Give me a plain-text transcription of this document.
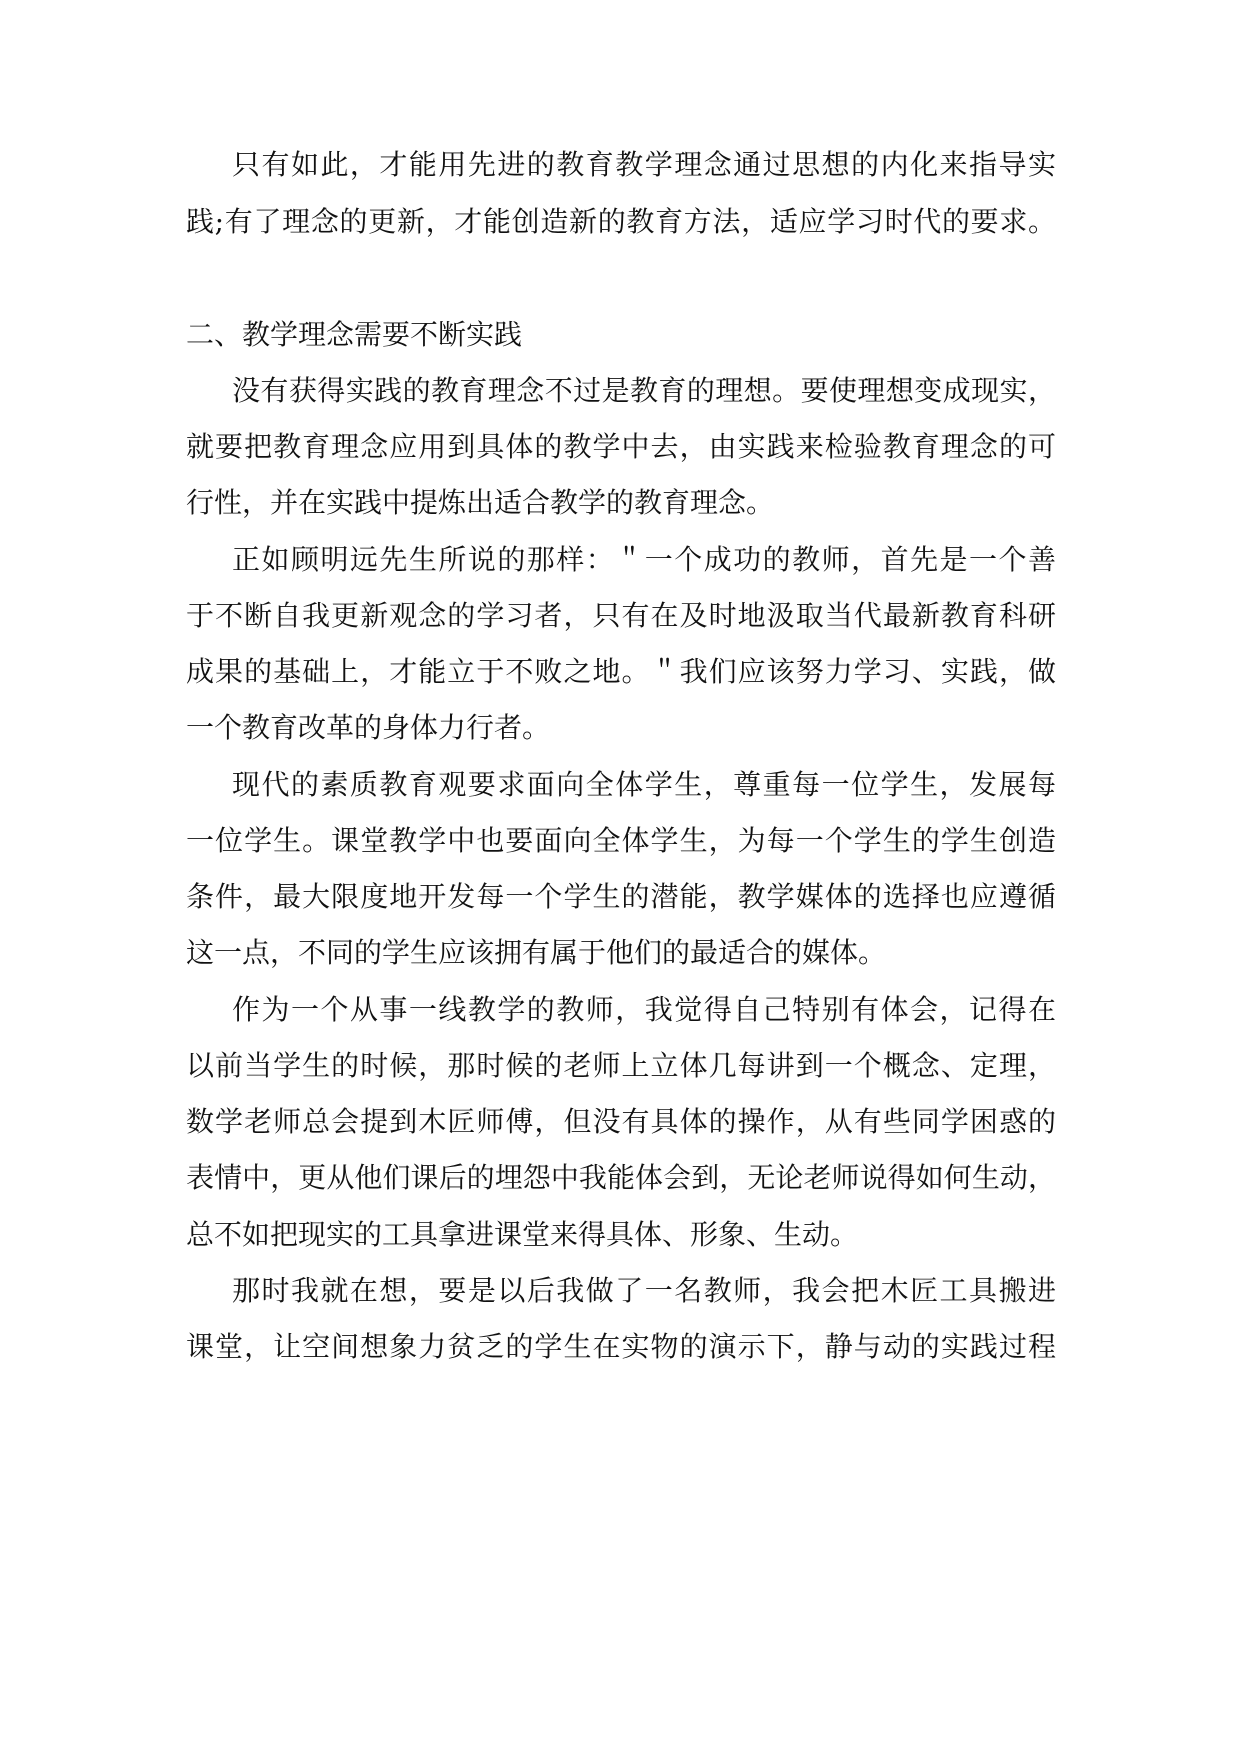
只有如此，才能用先进的教育教学理念通过思想的内化来指导实
践;有了理念的更新，才能创造新的教育方法，适应学习时代的要求。
二、教学理念需要不断实践
没有获得实践的教育理念不过是教育的理想。要使理想变成现实，
就要把教育理念应用到具体的教学中去，由实践来检验教育理念的可
行性，并在实践中提炼出适合教学的教育理念。
正如顾明远先生所说的那样：＂一个成功的教师，首先是一个善
于不断自我更新观念的学习者，只有在及时地汲取当代最新教育科研
成果的基础上，才能立于不败之地。＂我们应该努力学习、实践，做
一个教育改革的身体力行者。
现代的素质教育观要求面向全体学生，尊重每一位学生，发展每
一位学生。课堂教学中也要面向全体学生，为每一个学生的学生创造
条件，最大限度地开发每一个学生的潜能，教学媒体的选择也应遵循
这一点，不同的学生应该拥有属于他们的最适合的媒体。
作为一个从事一线教学的教师，我觉得自己特别有体会，记得在
以前当学生的时候，那时候的老师上立体几每讲到一个概念、定理，
数学老师总会提到木匠师傅，但没有具体的操作，从有些同学困惑的
表情中，更从他们课后的埋怨中我能体会到，无论老师说得如何生动，
总不如把现实的工具拿进课堂来得具体、形象、生动。
那时我就在想，要是以后我做了一名教师，我会把木匠工具搬进
课堂，让空间想象力贫乏的学生在实物的演示下，静与动的实践过程
